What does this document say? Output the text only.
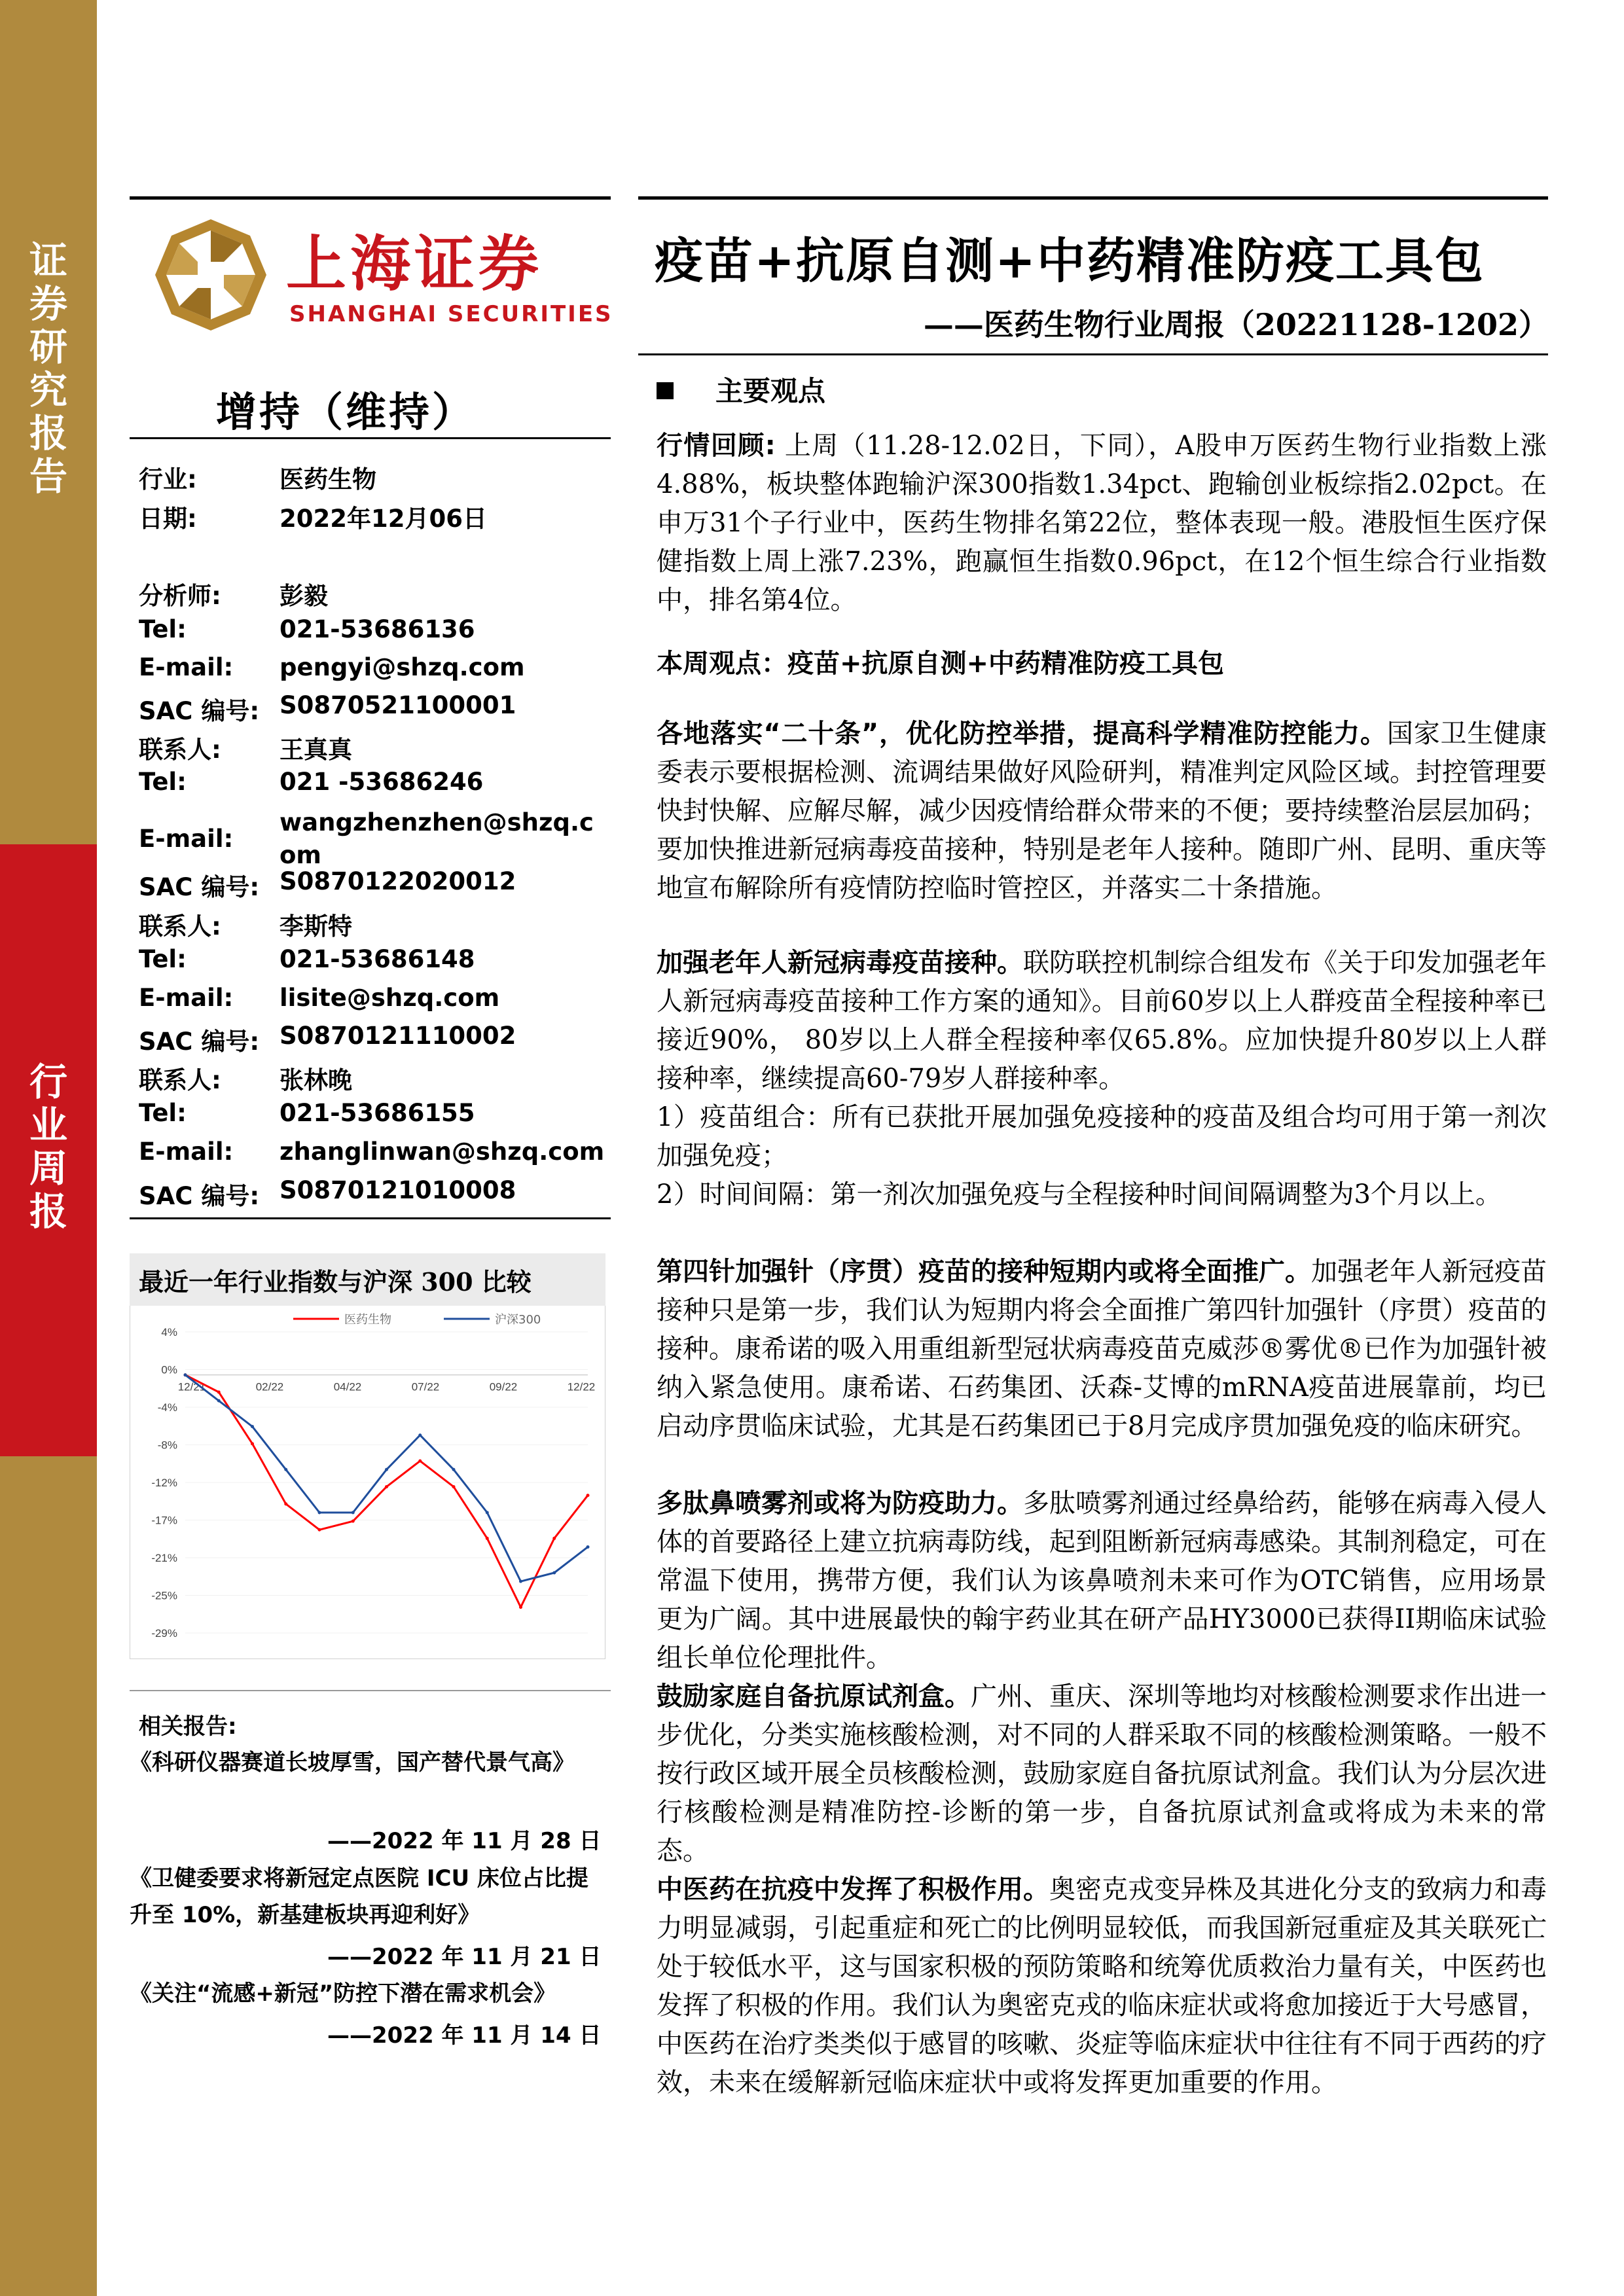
证
券
研
究
报
告
行
业
周
报
上海证券
SHANGHAI SECURITIES
疫苗+抗原自测+中药精准防疫工具包
——医药生物行业周报（20221128-1202）
增持（维持）
行业:	医药生物
日期:	2022年12月06日
分析师: 彭毅
Tel:	021-53686136
E-mail: pengyi@shzq.com
SAC 编号: S0870521100001
联系人: 王真真
Tel:	021 -53686246
E-mail:
wangzhenzhen@shzq.com
SAC 编号: S0870122020012
联系人: 李斯特
Tel:	021-53686148
E-mail: lisite@shzq.com
SAC 编号: S0870121110002
联系人: 张林晚
Tel:	021-53686155
E-mail: zhanglinwan@shzq.com
SAC 编号: S0870121010008
最近一年行业指数与沪深 300 比较
4%
0%
-4%
-8%
-12%
-17%
-21%
-25%
-29%
12/21	02/22	04/22	07/22	09/22	12/22
医药生物	沪深300
相关报告:
《科研仪器赛道长坡厚雪，国产替代景气高》
——2022 年 11 月 28 日
《卫健委要求将新冠定点医院 ICU 床位占比提升至 10%，新基建板块再迎利好》
——2022 年 11 月 21 日
《关注“流感+新冠”防控下潜在需求机会》
——2022 年 11 月 14 日
主要观点
行情回顾: 上周（11.28-12.02日，下同），A股申万医药生物行业指数上涨4.88%，板块整体跑输沪深300指数1.34pct、跑输创业板综指2.02pct。在申万31个子行业中，医药生物排名第22位，整体表现一般。港股恒生医疗保健指数上周上涨7.23%，跑赢恒生指数0.96pct，在12个恒生综合行业指数中，排名第4位。
本周观点：疫苗+抗原自测+中药精准防疫工具包
各地落实“二十条”，优化防控举措，提高科学精准防控能力。国家卫生健康委表示要根据检测、流调结果做好风险研判，精准判定风险区域。封控管理要快封快解、应解尽解，减少因疫情给群众带来的不便；要持续整治层层加码；要加快推进新冠病毒疫苗接种，特别是老年人接种。随即广州、昆明、重庆等地宣布解除所有疫情防控临时管控区，并落实二十条措施。
加强老年人新冠病毒疫苗接种。联防联控机制综合组发布《关于印发加强老年人新冠病毒疫苗接种工作方案的通知》。目前60岁以上人群疫苗全程接种率已接近90%， 80岁以上人群全程接种率仅65.8%。应加快提升80岁以上人群接种率，继续提高60-79岁人群接种率。
1）疫苗组合：所有已获批开展加强免疫接种的疫苗及组合均可用于第一剂次加强免疫；
2）时间间隔：第一剂次加强免疫与全程接种时间间隔调整为3个月以上。
第四针加强针（序贯）疫苗的接种短期内或将全面推广。加强老年人新冠疫苗接种只是第一步，我们认为短期内将会全面推广第四针加强针（序贯）疫苗的接种。康希诺的吸入用重组新型冠状病毒疫苗克威莎®雾优®已作为加强针被纳入紧急使用。康希诺、石药集团、沃森-艾博的mRNA疫苗进展靠前，均已启动序贯临床试验，尤其是石药集团已于8月完成序贯加强免疫的临床研究。
多肽鼻喷雾剂或将为防疫助力。多肽喷雾剂通过经鼻给药，能够在病毒入侵人体的首要路径上建立抗病毒防线，起到阻断新冠病毒感染。其制剂稳定，可在常温下使用，携带方便，我们认为该鼻喷剂未来可作为OTC销售，应用场景更为广阔。其中进展最快的翰宇药业其在研产品HY3000已获得II期临床试验组长单位伦理批件。
鼓励家庭自备抗原试剂盒。广州、重庆、深圳等地均对核酸检测要求作出进一步优化，分类实施核酸检测，对不同的人群采取不同的核酸检测策略。一般不按行政区域开展全员核酸检测，鼓励家庭自备抗原试剂盒。我们认为分层次进行核酸检测是精准防控-诊断的第一步，自备抗原试剂盒或将成为未来的常态。
中医药在抗疫中发挥了积极作用。奥密克戎变异株及其进化分支的致病力和毒力明显减弱，引起重症和死亡的比例明显较低，而我国新冠重症及其关联死亡处于较低水平，这与国家积极的预防策略和统筹优质救治力量有关，中医药也发挥了积极的作用。我们认为奥密克戎的临床症状或将愈加接近于大号感冒，中医药在治疗类类似于感冒的咳嗽、炎症等临床症状中往往有不同于西药的疗效，未来在缓解新冠临床症状中或将发挥更加重要的作用。
